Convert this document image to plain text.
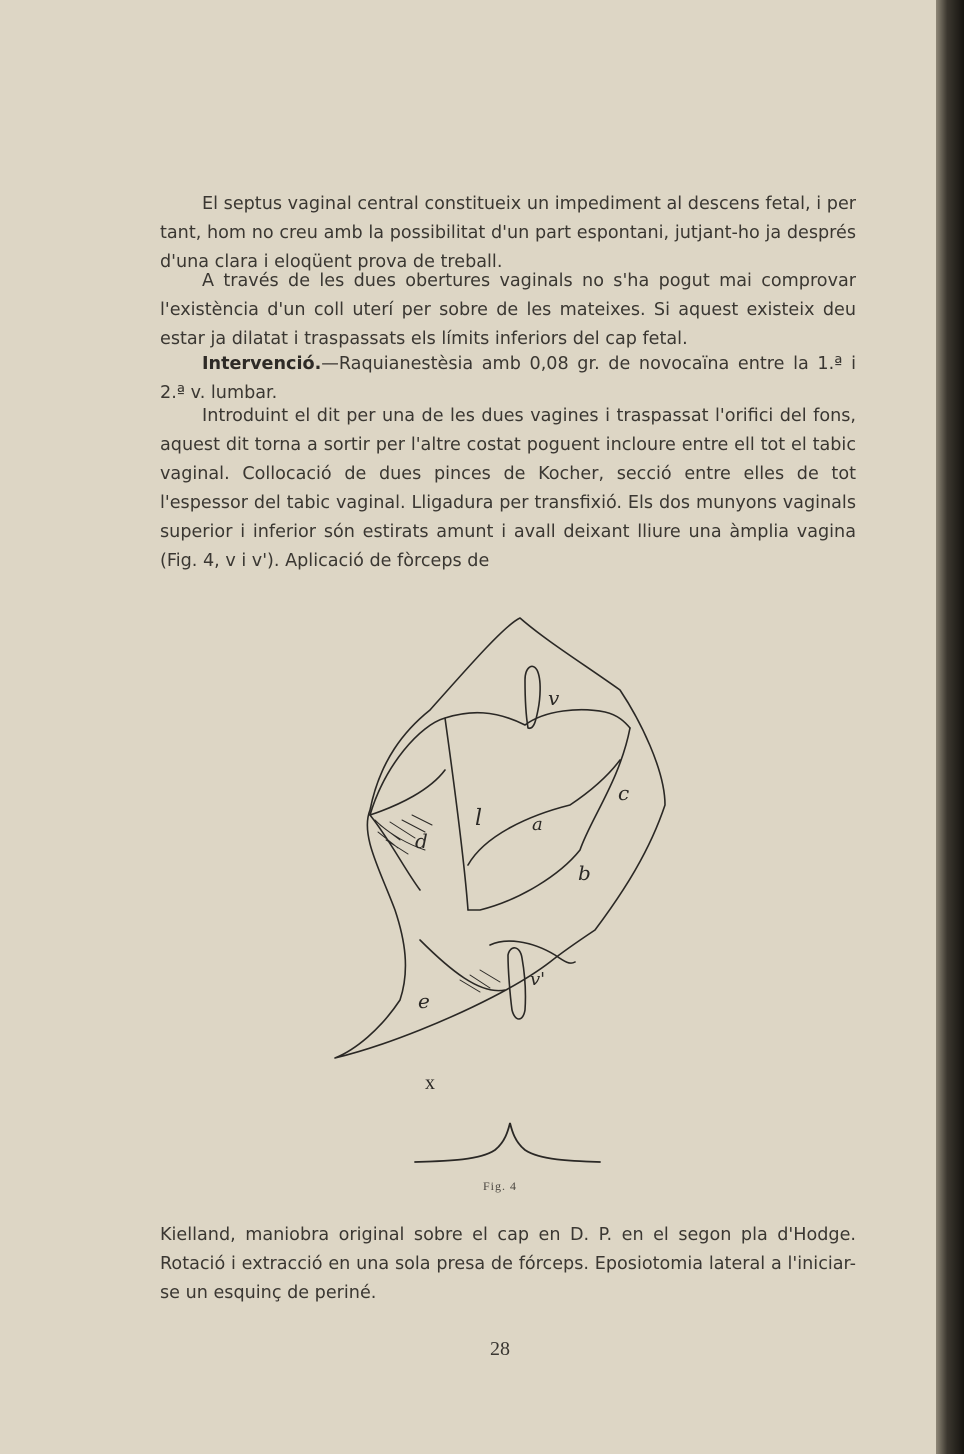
El septus vaginal central constitueix un impediment al descens fetal, i per tant, hom no creu amb la possibilitat d'un part espontani, jutjant-ho ja després d'una clara i eloqüent prova de treball.

A través de les dues obertures vaginals no s'ha pogut mai comprovar l'existència d'un coll uterí per sobre de les mateixes. Si aquest existeix deu estar ja dilatat i traspassats els límits inferiors del cap fetal.

Intervenció.—Raquianestèsia amb 0,08 gr. de novocaïna entre la 1.ª i 2.ª v. lumbar.

Introduint el dit per una de les dues vagines i traspassat l'orifici del fons, aquest dit torna a sortir per l'altre costat poguent incloure entre ell tot el tabic vaginal. Collocació de dues pinces de Kocher, secció entre elles de tot l'espessor del tabic vaginal. Lligadura per transfixió. Els dos munyons vaginals superior i inferior són estirats amunt i avall deixant lliure una àmplia vagina (Fig. 4, v i v'). Aplicació de fòrceps de

v
l	a
c
d
b
v'
e
x
Fig. 4

Kielland, maniobra original sobre el cap en D. P. en el segon pla d'Hodge. Rotació i extracció en una sola presa de fórceps. Eposiotomia lateral a l'iniciar-se un esquinç de periné.

28
